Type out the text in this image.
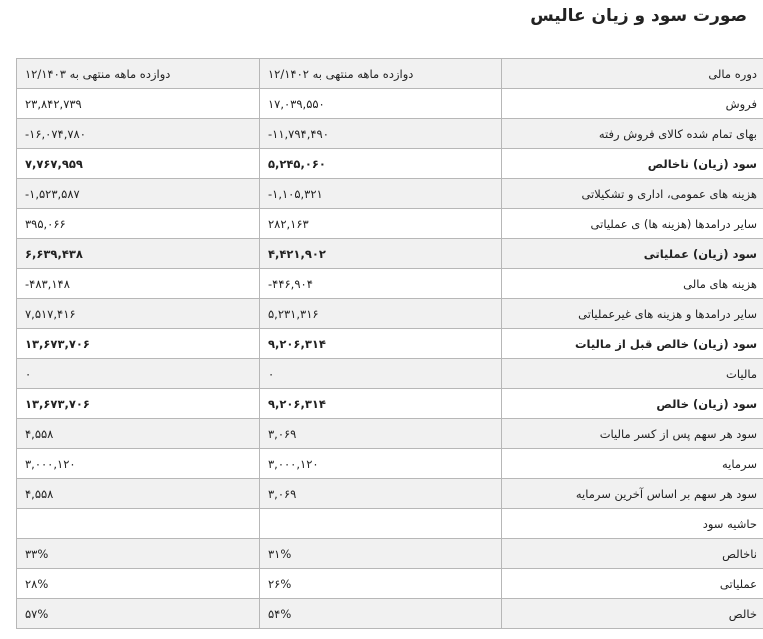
صورت سود و زیان عالیس
دوره مالی	دوازده ماهه منتهی به ۱۲/۱۴۰۲	دوازده ماهه منتهی به ۱۲/۱۴۰۳
فروش	۱۷,۰۳۹,۵۵۰	۲۳,۸۴۲,۷۳۹
بهای تمام شده کالای فروش رفته	۱۱,۷۹۴,۴۹۰-	۱۶,۰۷۴,۷۸۰-
سود (زیان) ناخالص	۵,۲۴۵,۰۶۰	۷,۷۶۷,۹۵۹
هزینه های عمومی، اداری و تشکیلاتی	۱,۱۰۵,۳۲۱-	۱,۵۲۳,۵۸۷-
سایر درامدها (هزینه ها) ی عملیاتی	۲۸۲,۱۶۳	۳۹۵,۰۶۶
سود (زیان) عملیاتی	۴,۴۲۱,۹۰۲	۶,۶۳۹,۴۳۸
هزینه های مالی	۴۴۶,۹۰۴-	۴۸۳,۱۴۸-
سایر درامدها و هزینه های غیرعملیاتی	۵,۲۳۱,۳۱۶	۷,۵۱۷,۴۱۶
سود (زیان) خالص قبل از مالیات	۹,۲۰۶,۳۱۴	۱۳,۶۷۳,۷۰۶
مالیات	۰	۰
سود (زیان) خالص	۹,۲۰۶,۳۱۴	۱۳,۶۷۳,۷۰۶
سود هر سهم پس از کسر مالیات	۳,۰۶۹	۴,۵۵۸
سرمایه	۳,۰۰۰,۱۲۰	۳,۰۰۰,۱۲۰
سود هر سهم بر اساس آخرین سرمایه	۳,۰۶۹	۴,۵۵۸
حاشیه سود		
ناخالص	۳۱%	۳۳%
عملیاتی	۲۶%	۲۸%
خالص	۵۴%	۵۷%
